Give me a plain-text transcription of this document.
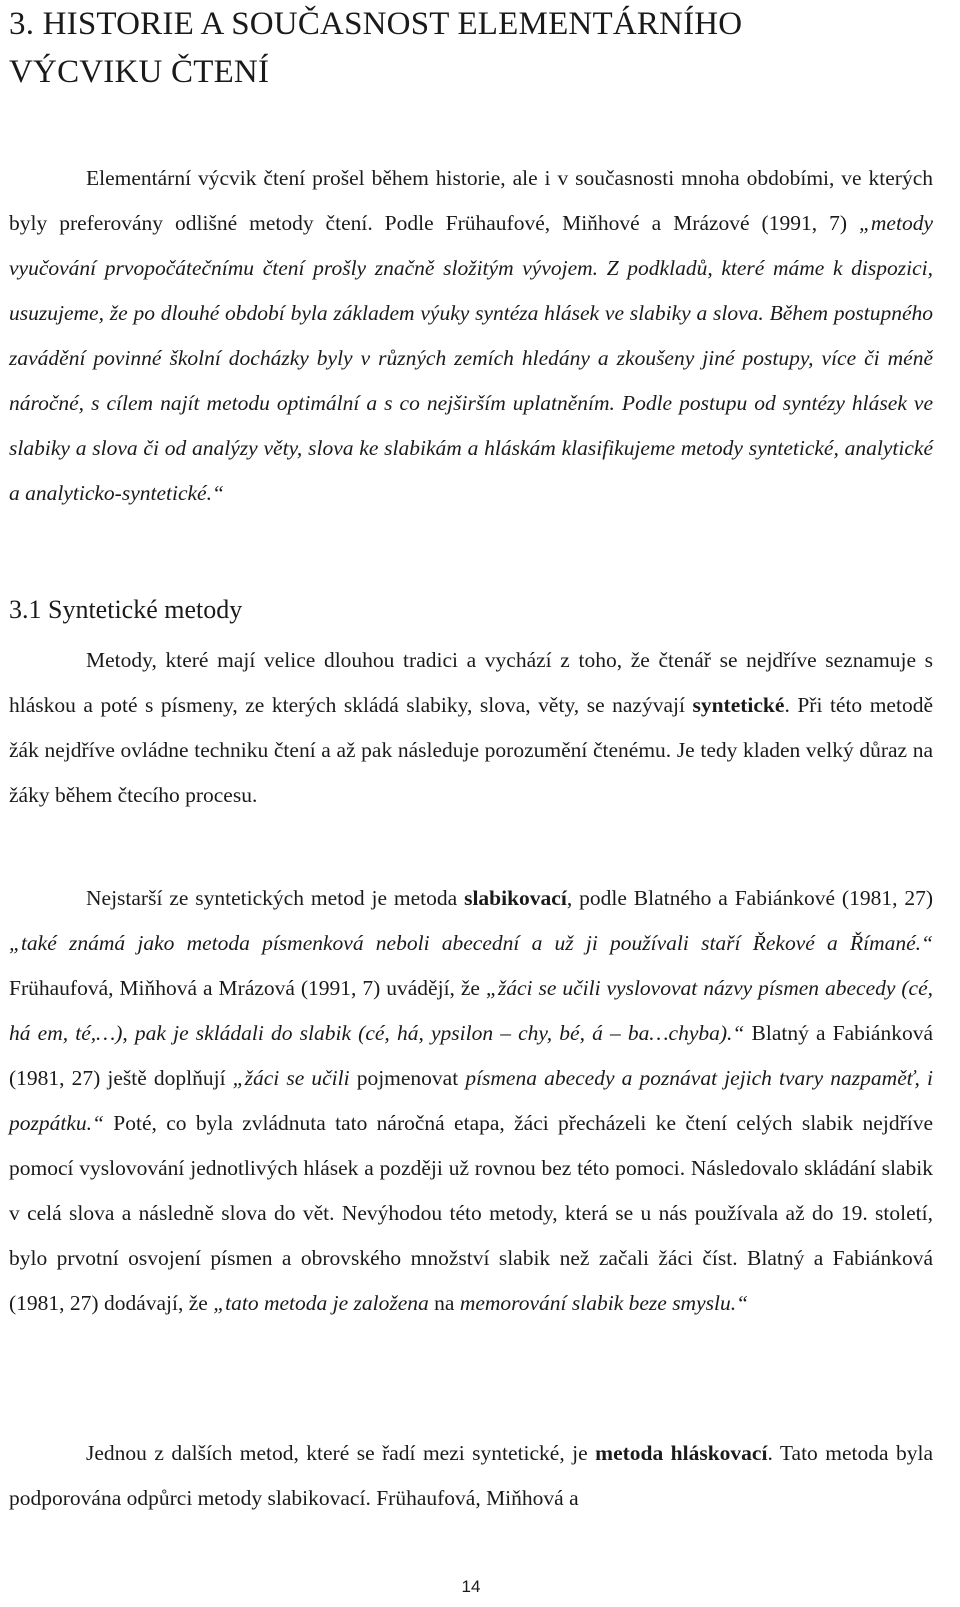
3. HISTORIE A SOUČASNOST ELEMENTÁRNÍHO
VÝCVIKU ČTENÍ

Elementární výcvik čtení prošel během historie, ale i v současnosti mnoha obdobími, ve kterých byly preferovány odlišné metody čtení. Podle Frühaufové, Miňhové a Mrázové (1991, 7) „metody vyučování prvopočátečnímu čtení prošly značně složitým vývojem. Z podkladů, které máme k dispozici, usuzujeme, že po dlouhé období byla základem výuky syntéza hlásek ve slabiky a slova. Během postupného zavádění povinné školní docházky byly v různých zemích hledány a zkoušeny jiné postupy, více či méně náročné, s cílem najít metodu optimální a s co nejširším uplatněním. Podle postupu od syntézy hlásek ve slabiky a slova či od analýzy věty, slova ke slabikám a hláskám klasifikujeme metody syntetické, analytické a analyticko-syntetické.“

3.1 Syntetické metody

Metody, které mají velice dlouhou tradici a vychází z toho, že čtenář se nejdříve seznamuje s hláskou a poté s písmeny, ze kterých skládá slabiky, slova, věty, se nazývají syntetické. Při této metodě žák nejdříve ovládne techniku čtení a až pak následuje porozumění čtenému. Je tedy kladen velký důraz na žáky během čtecího procesu.

Nejstarší ze syntetických metod je metoda slabikovací, podle Blatného a Fabiánkové (1981, 27) „také známá jako metoda písmenková neboli abecední a už ji používali staří Řekové a Římané.“ Frühaufová, Miňhová a Mrázová (1991, 7) uvádějí, že „žáci se učili vyslovovat názvy písmen abecedy (cé, há em, té,…), pak je skládali do slabik (cé, há, ypsilon – chy, bé, á – ba…chyba).“ Blatný a Fabiánková (1981, 27) ještě doplňují „žáci se učili pojmenovat písmena abecedy a poznávat jejich tvary nazpaměť, i pozpátku.“ Poté, co byla zvládnuta tato náročná etapa, žáci přecházeli ke čtení celých slabik nejdříve pomocí vyslovování jednotlivých hlásek a později už rovnou bez této pomoci. Následovalo skládání slabik v celá slova a následně slova do vět. Nevýhodou této metody, která se u nás používala až do 19. století, bylo prvotní osvojení písmen a obrovského množství slabik než začali žáci číst. Blatný a Fabiánková (1981, 27) dodávají, že „tato metoda je založena na memorování slabik beze smyslu.“

Jednou z dalších metod, které se řadí mezi syntetické, je metoda hláskovací. Tato metoda byla podporována odpůrci metody slabikovací. Frühaufová, Miňhová a

14
